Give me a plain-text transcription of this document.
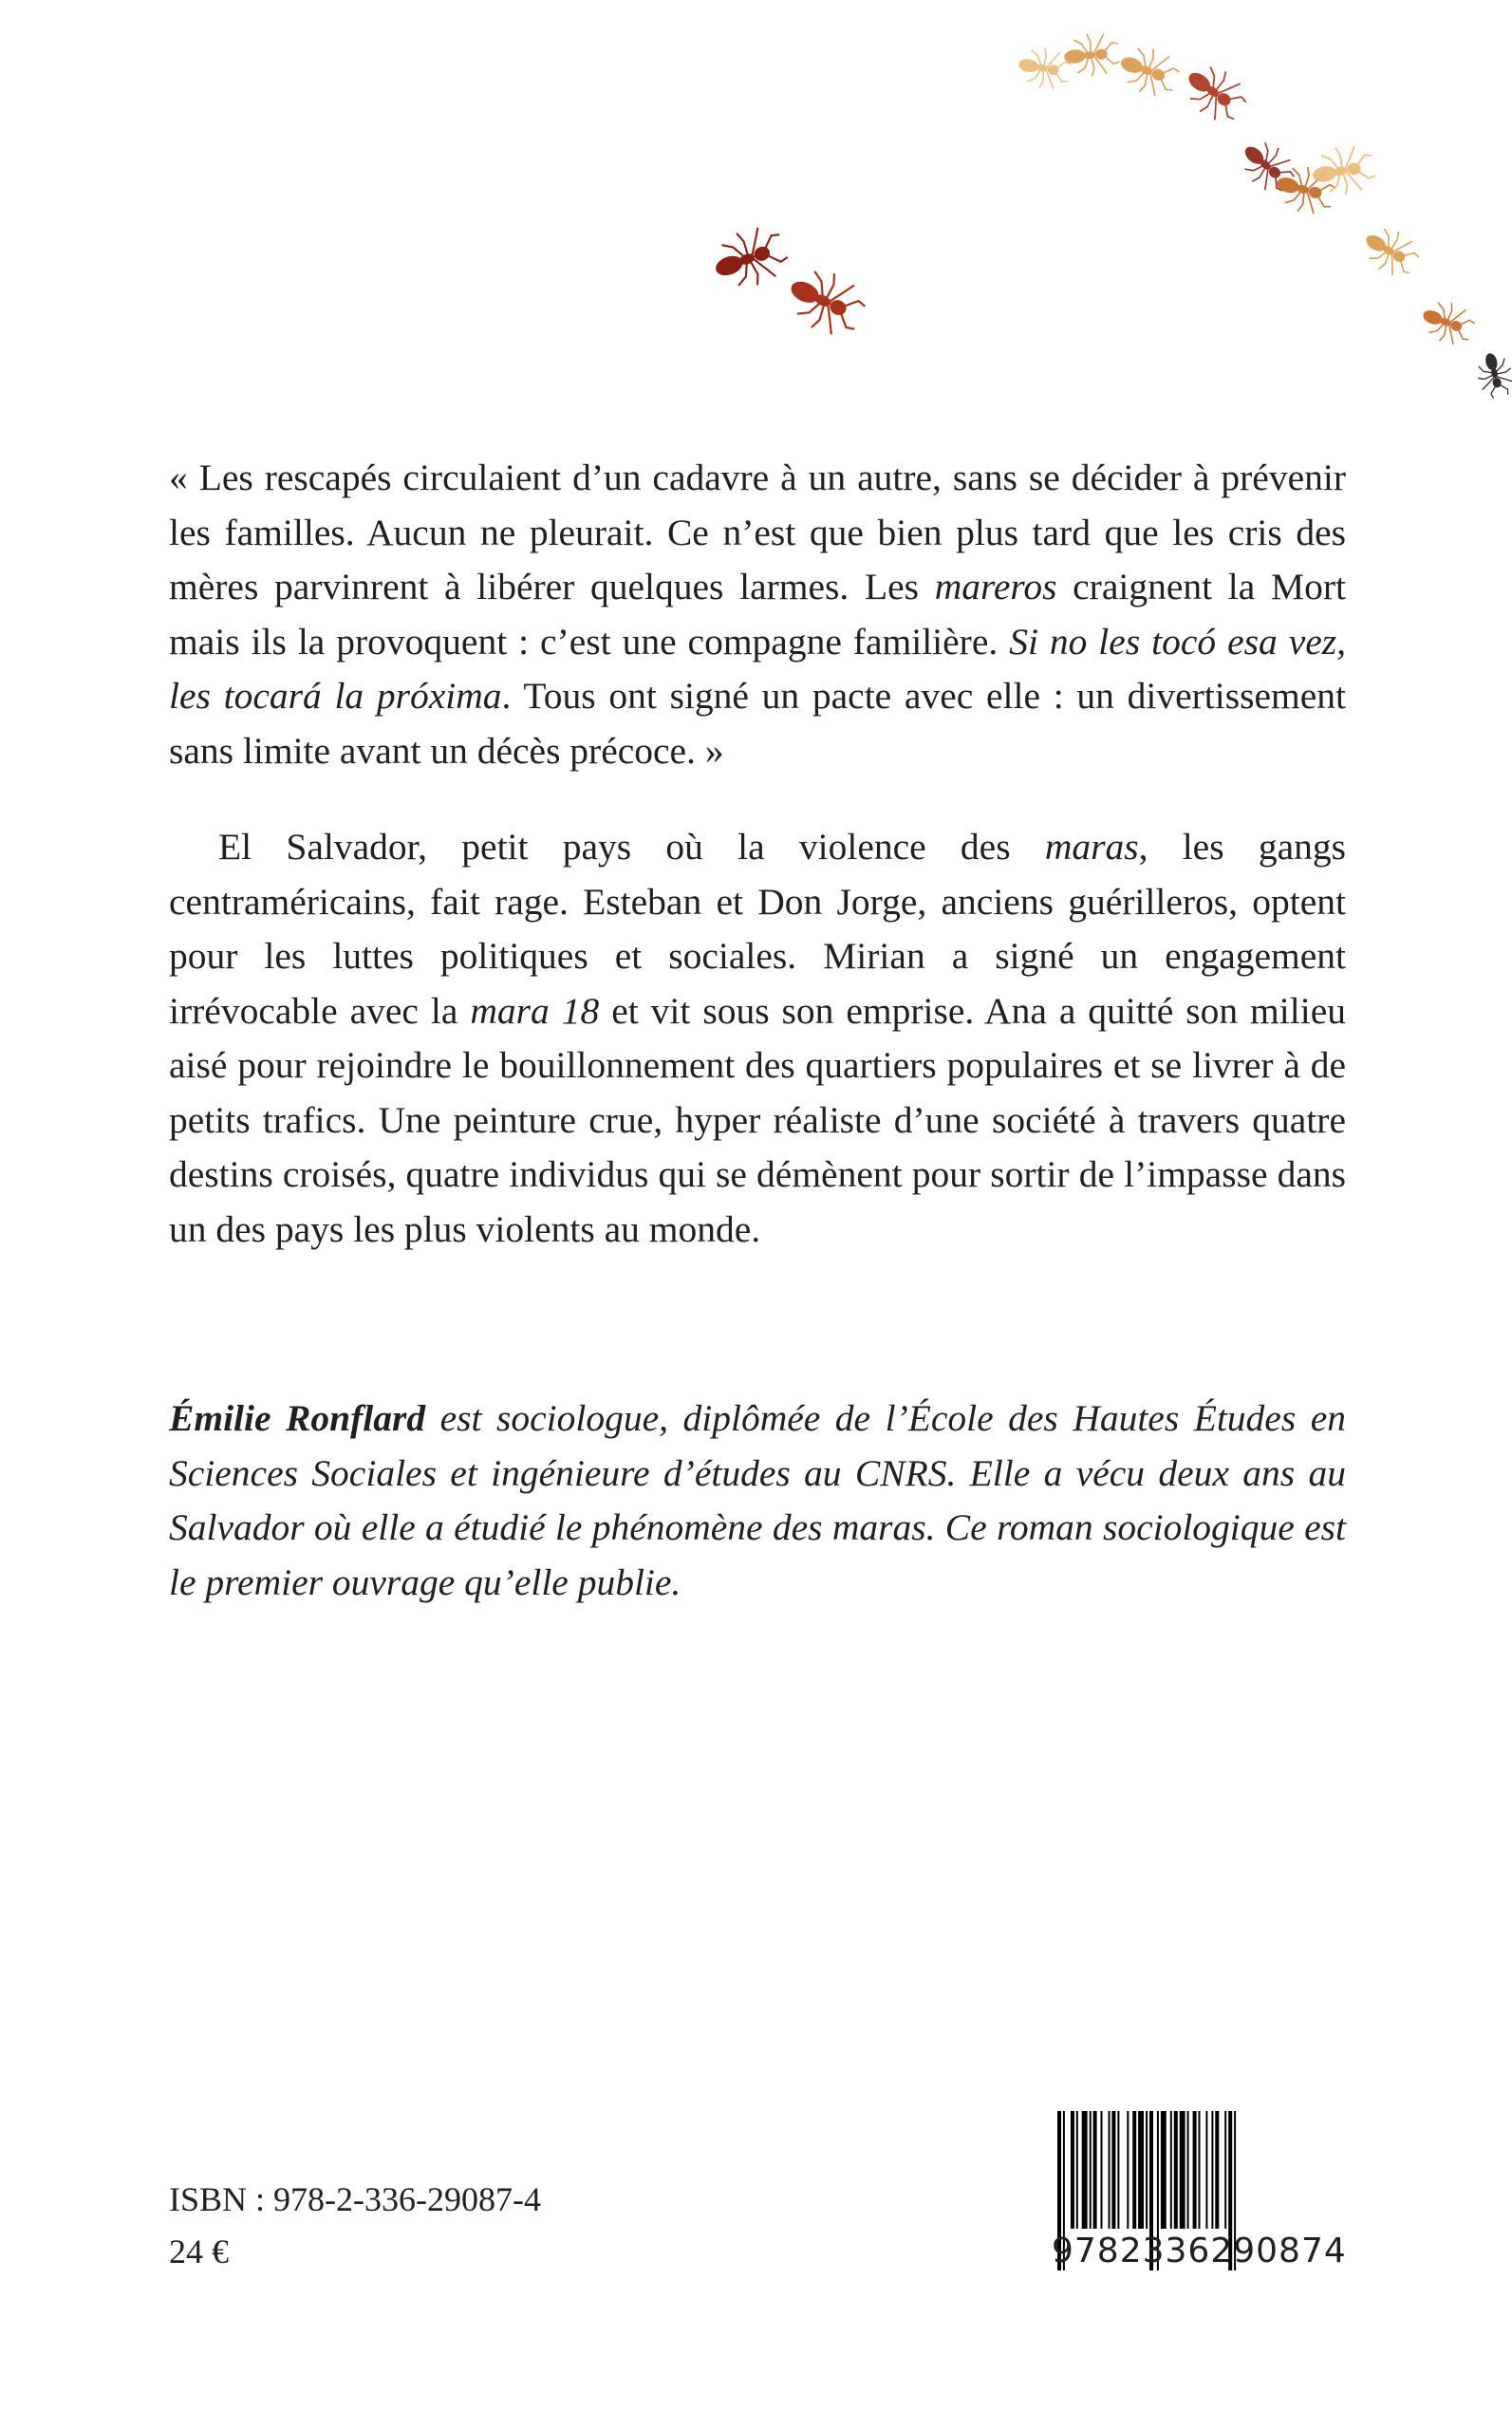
« Les rescapés circulaient d’un cadavre à un autre, sans se décider à prévenir
les familles. Aucun ne pleurait. Ce n’est que bien plus tard que les cris des
mères parvinrent à libérer quelques larmes. Les mareros craignent la Mort
mais ils la provoquent : c’est une compagne familière. Si no les tocó esa vez,
les tocará la próxima. Tous ont signé un pacte avec elle : un divertissement
sans limite avant un décès précoce. »

El Salvador, petit pays où la violence des maras, les gangs centraméricains, fait rage. Esteban et Don Jorge, anciens guérilleros, optent pour les luttes politiques et sociales. Mirian a signé un engagement irrévocable avec la mara 18 et vit sous son emprise. Ana a quitté son milieu aisé pour rejoindre le bouillonnement des quartiers populaires et se livrer à de petits trafics. Une peinture crue, hyper réaliste d’une société à travers quatre destins croisés, quatre individus qui se démènent pour sortir de l’impasse dans un des pays les plus violents au monde.

Émilie Ronflard est sociologue, diplômée de l’École des Hautes Études en Sciences Sociales et ingénieure d’études au CNRS. Elle a vécu deux ans au Salvador où elle a étudié le phénomène des maras. Ce roman sociologique est le premier ouvrage qu’elle publie.

ISBN : 978-2-336-29087-4
24 €	9782336290874
